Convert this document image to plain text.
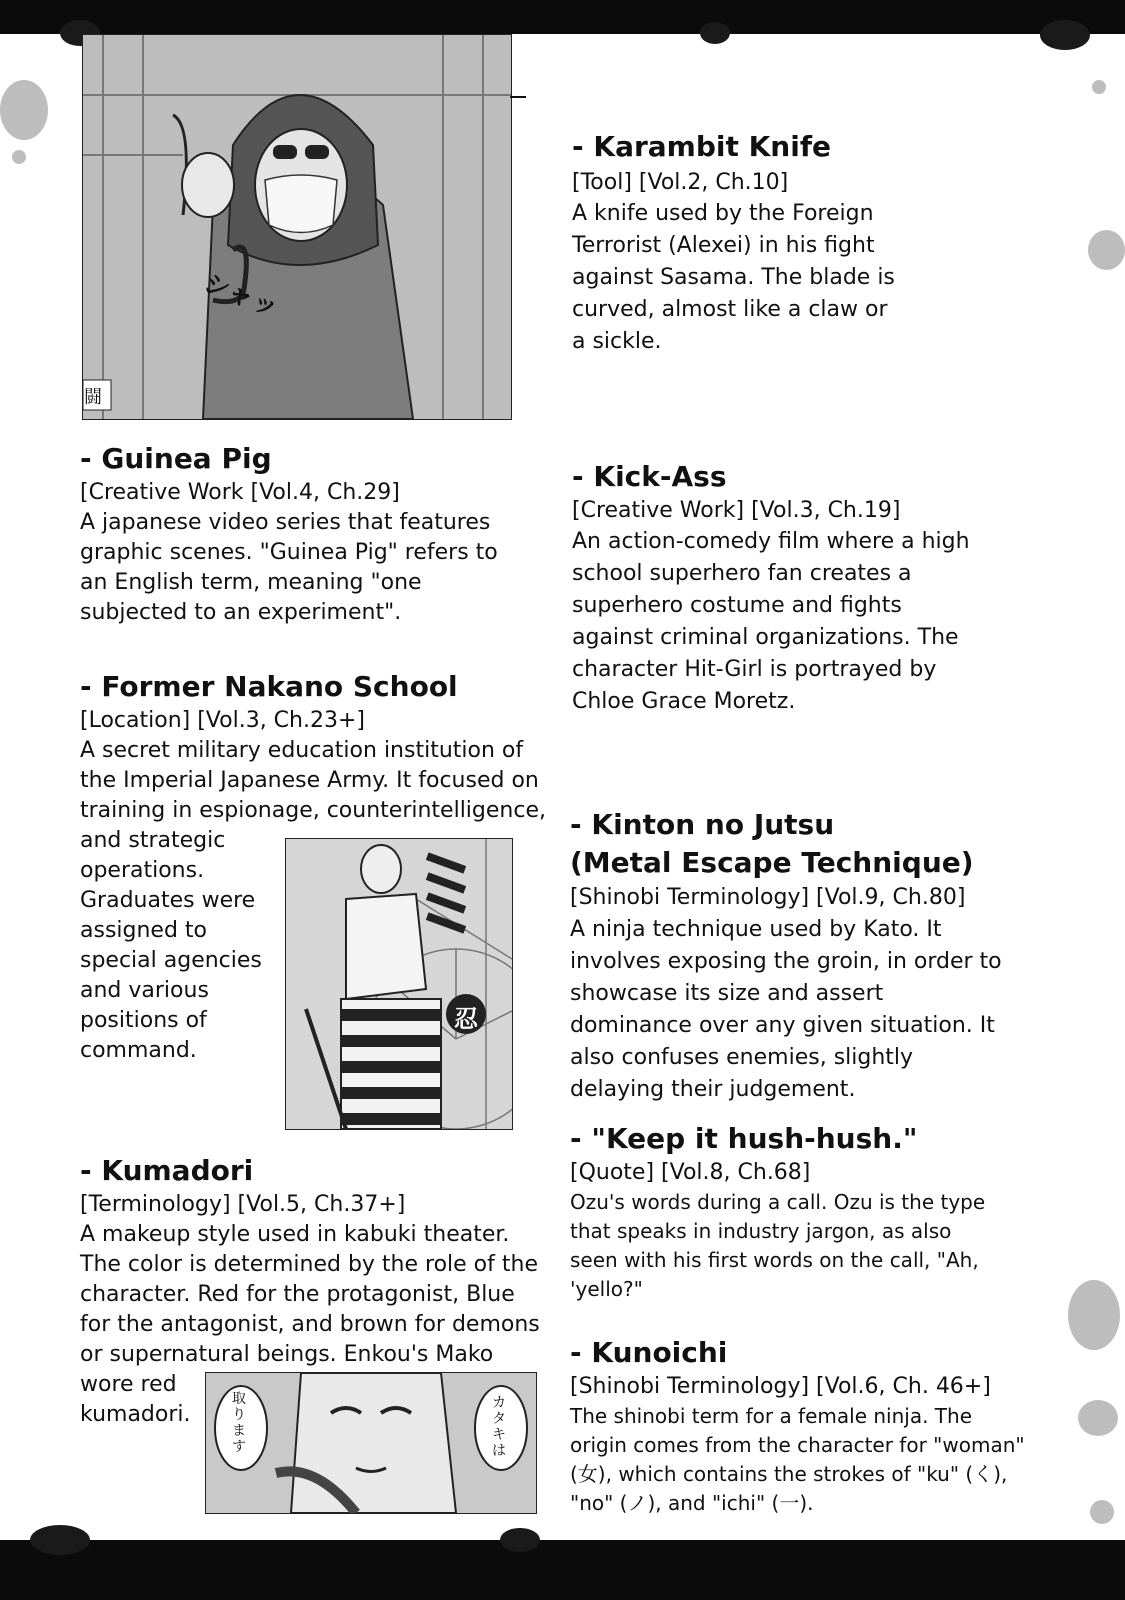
シャッ
闘

- Karambit Knife

[Tool] [Vol.2, Ch.10]

A knife used by the Foreign Terrorist (Alexei) in his fight against Sasama. The blade is curved, almost like a claw or a sickle.

- Guinea Pig

[Creative Work [Vol.4, Ch.29]

A japanese video series that features graphic scenes. "Guinea Pig" refers to an English term, meaning "one subjected to an experiment".

- Kick-Ass

[Creative Work] [Vol.3, Ch.19]

An action-comedy film where a high school superhero fan creates a superhero costume and fights against criminal organizations. The character Hit-Girl is portrayed by Chloe Grace Moretz.

- Former Nakano School

[Location] [Vol.3, Ch.23+]

A secret military education institution of the Imperial Japanese Army. It focused on training in espionage, counterintelligence,

and strategic operations. Graduates were assigned to special agencies and various positions of command.

忍

- Kinton no Jutsu

(Metal Escape Technique)

[Shinobi Terminology] [Vol.9, Ch.80]

A ninja technique used by Kato. It involves exposing the groin, in order to showcase its size and assert dominance over any given situation. It also confuses enemies, slightly delaying their judgement.

- "Keep it hush-hush."

[Quote] [Vol.8, Ch.68]

Ozu's words during a call. Ozu is the type that speaks in industry jargon, as also seen with his first words on the call, "Ah, 'yello?"

- Kumadori

[Terminology] [Vol.5, Ch.37+]

A makeup style used in kabuki theater. The color is determined by the role of the character. Red for the protagonist, Blue for the antagonist, and brown for demons or supernatural beings. Enkou's Mako

wore red kumadori.

取ります
カタキは

- Kunoichi

[Shinobi Terminology] [Vol.6, Ch. 46+]

The shinobi term for a female ninja. The origin comes from the character for "woman" (女), which contains the strokes of "ku" (く), "no" (ノ), and "ichi" (一).
